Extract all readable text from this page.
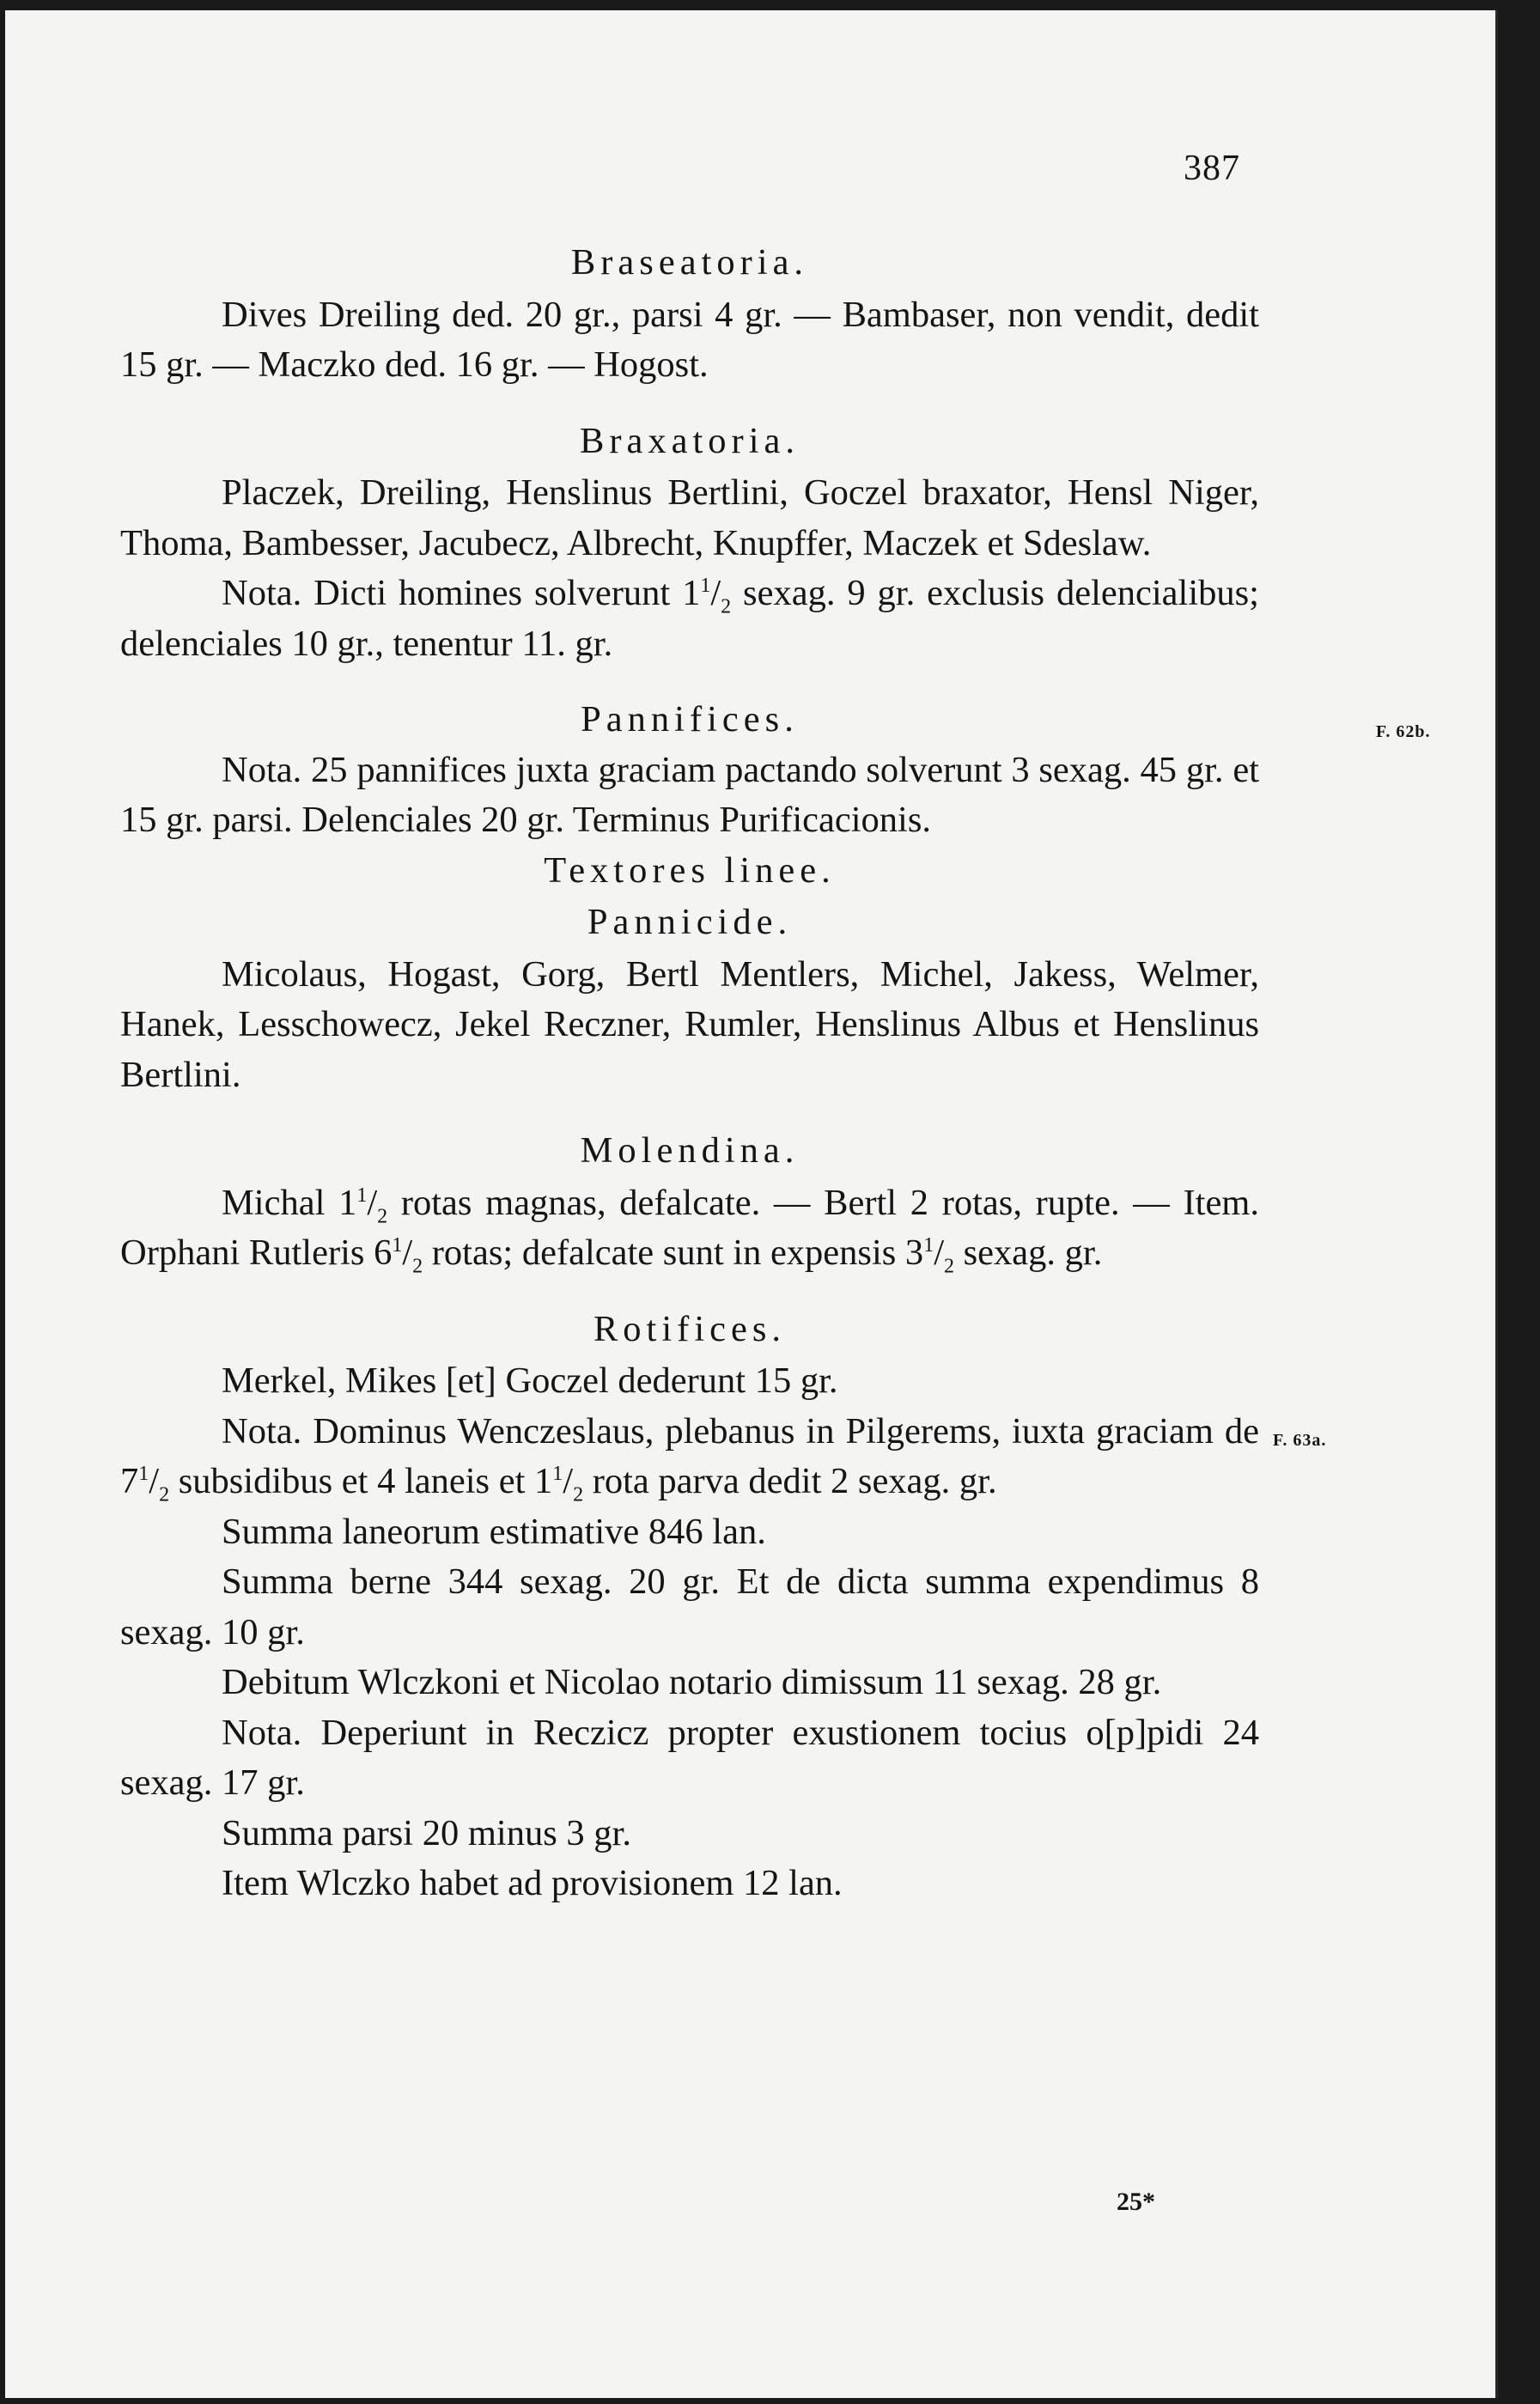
387

Braseatoria.

Dives Dreiling ded. 20 gr., parsi 4 gr. — Bambaser, non vendit, dedit 15 gr. — Maczko ded. 16 gr. — Hogost.

Braxatoria.

Placzek, Dreiling, Henslinus Bertlini, Goczel braxator, Hensl Niger, Thoma, Bambesser, Jacubecz, Albrecht, Knupffer, Maczek et Sdeslaw.

Nota. Dicti homines solverunt $1^1/_2$ sexag. 9 gr. exclusis delencialibus; delenciales 10 gr., tenentur 11. gr.

Pannifices.	F. 62b.

Nota. 25 pannifices juxta graciam pactando solverunt 3 sexag. 45 gr. et 15 gr. parsi. Delenciales 20 gr. Terminus Purificacionis.

Textores linee.

Pannicide.

Micolaus, Hogast, Gorg, Bertl Mentlers, Michel, Jakess, Welmer, Hanek, Lesschowecz, Jekel Reczner, Rumler, Henslinus Albus et Henslinus Bertlini.

Molendina.

Michal $1^1/_2$ rotas magnas, defalcate. — Bertl 2 rotas, rupte. — Item. Orphani Rutleris $6^1/_2$ rotas; defalcate sunt in expensis $3^1/_2$ sexag. gr.

Rotifices.

Merkel, Mikes [et] Goczel dederunt 15 gr.

F. 63a.

Nota. Dominus Wenczeslaus, plebanus in Pilgerems, iuxta graciam de $7^1/_2$ subsidibus et 4 laneis et $1^1/_2$ rota parva dedit 2 sexag. gr.

Summa laneorum estimative 846 lan.

Summa berne 344 sexag. 20 gr. Et de dicta summa expendimus 8 sexag. 10 gr.

Debitum Wlczkoni et Nicolao notario dimissum 11 sexag. 28 gr.

Nota. Deperiunt in Reczicz propter exustionem tocius o[p]pidi 24 sexag. 17 gr.

Summa parsi 20 minus 3 gr.

Item Wlczko habet ad provisionem 12 lan.

25*
